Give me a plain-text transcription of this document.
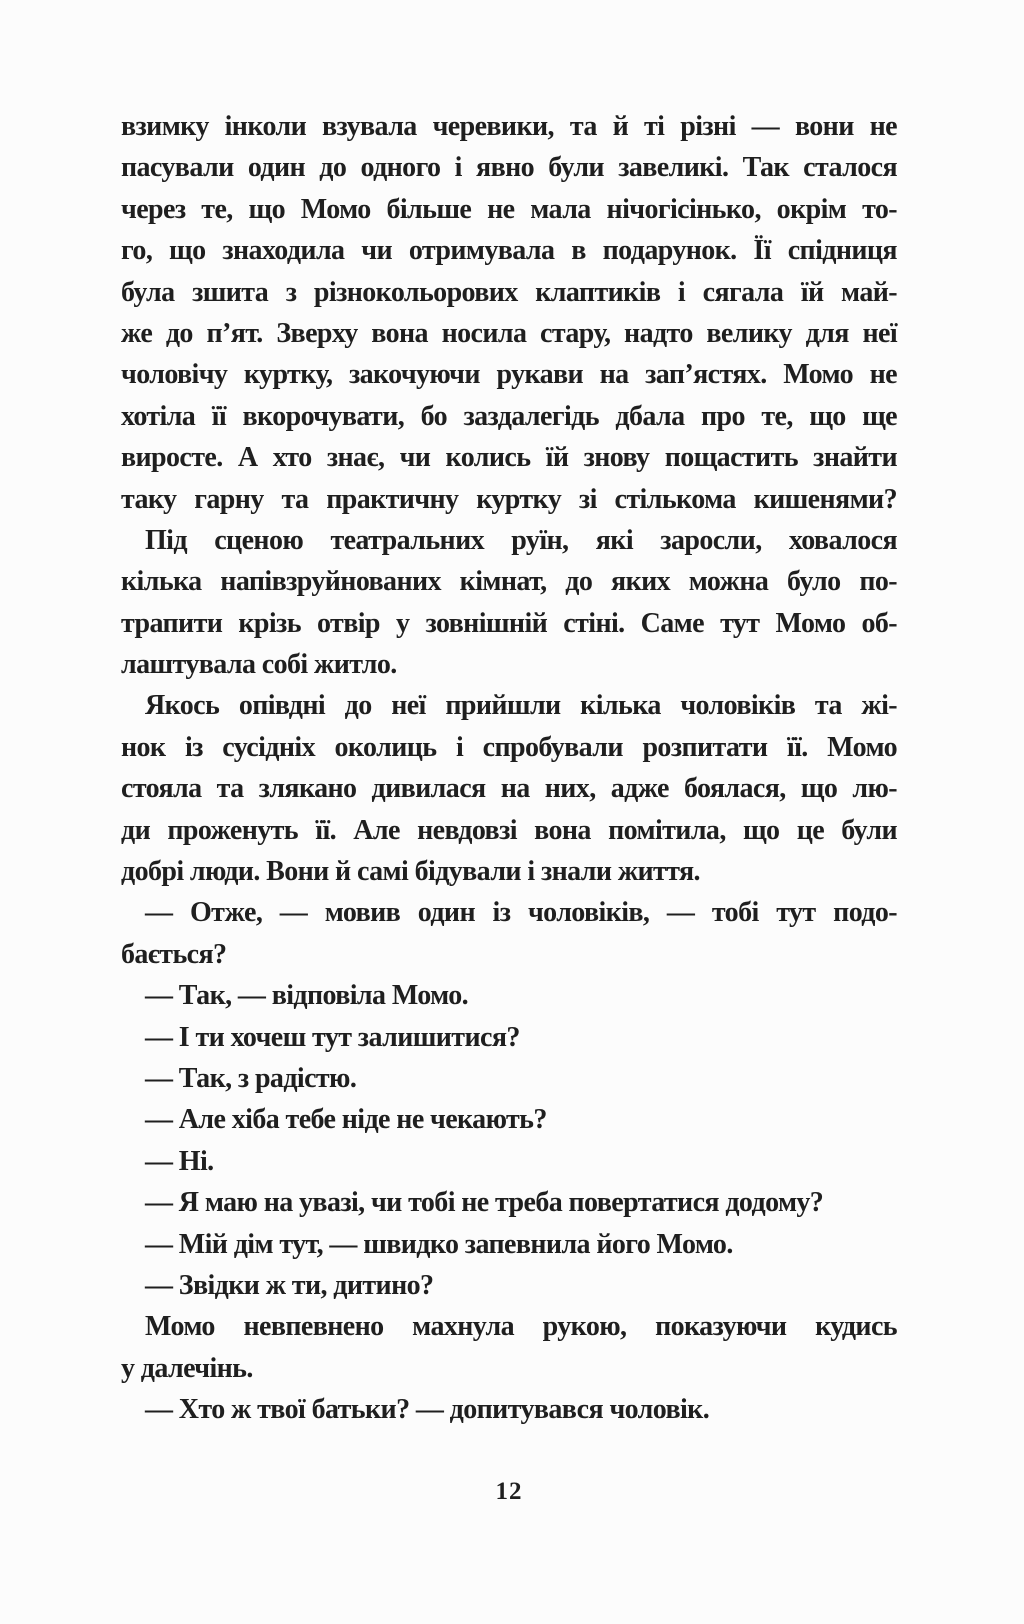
взимку інколи взувала черевики, та й ті різні — вони не
пасували один до одного і явно були завеликі. Так сталося
через те, що Момо більше не мала нічогісінько, окрім то-
го, що знаходила чи отримувала в подарунок. Її спідниця
була зшита з різнокольорових клаптиків і сягала їй май-
же до п’ят. Зверху вона носила стару, надто велику для неї
чоловічу куртку, закочуючи рукави на зап’ястях. Момо не
хотіла її вкорочувати, бо заздалегідь дбала про те, що ще
виросте. А хто знає, чи колись їй знову пощастить знайти
таку гарну та практичну куртку зі стількома кишенями?
Під сценою театральних руїн, які заросли, ховалося
кілька напівзруйнованих кімнат, до яких можна було по-
трапити крізь отвір у зовнішній стіні. Саме тут Момо об-
лаштувала собі житло.
Якось опівдні до неї прийшли кілька чоловіків та жі-
нок із сусідніх околиць і спробували розпитати її. Момо
стояла та злякано дивилася на них, адже боялася, що лю-
ди проженуть її. Але невдовзі вона помітила, що це були
добрі люди. Вони й самі бідували і знали життя.
— Отже, — мовив один із чоловіків, — тобі тут подо-
бається?
— Так, — відповіла Момо.
— І ти хочеш тут залишитися?
— Так, з радістю.
— Але хіба тебе ніде не чекають?
— Ні.
— Я маю на увазі, чи тобі не треба повертатися додому?
— Мій дім тут, — швидко запевнила його Момо.
— Звідки ж ти, дитино?
Момо невпевнено махнула рукою, показуючи кудись
у далечінь.
— Хто ж твої батьки? — допитувався чоловік.
12
